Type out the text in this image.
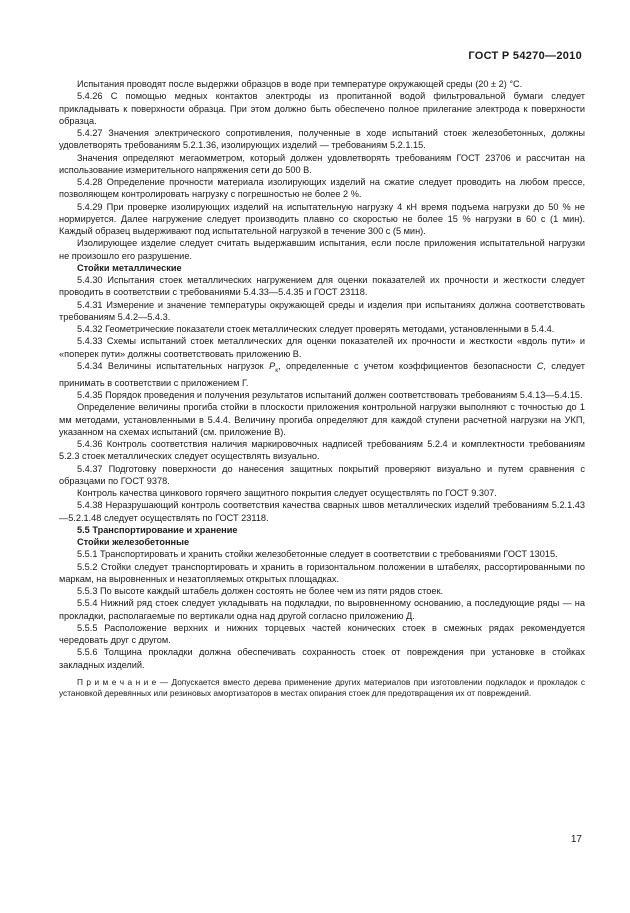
ГОСТ Р 54270—2010

Испытания проводят после выдержки образцов в воде при температуре окружающей среды (20 ± 2) °С.

5.4.26 С помощью медных контактов электроды из пропитанной водой фильтровальной бумаги следует прикладывать к поверхности образца. При этом должно быть обеспечено полное прилегание электрода к поверхности образца.

5.4.27 Значения электрического сопротивления, полученные в ходе испытаний стоек железобетонных, должны удовлетворять требованиям 5.2.1.36, изолирующих изделий — требованиям 5.2.1.15.

Значения определяют мегаомметром, который должен удовлетворять требованиям ГОСТ 23706 и рассчитан на использование измерительного напряжения сети до 500 В.

5.4.28 Определение прочности материала изолирующих изделий на сжатие следует проводить на любом прессе, позволяющем контролировать нагрузку с погрешностью не более 2 %.

5.4.29 При проверке изолирующих изделий на испытательную нагрузку 4 кН время подъема нагрузки до 50 % не нормируется. Далее нагружение следует производить плавно со скоростью не более 15 % нагрузки в 60 с (1 мин). Каждый образец выдерживают под испытательной нагрузкой в течение 300 с (5 мин).

Изолирующее изделие следует считать выдержавшим испытания, если после приложения испытательной нагрузки не произошло его разрушение.

Стойки металлические

5.4.30 Испытания стоек металлических нагружением для оценки показателей их прочности и жесткости следует проводить в соответствии с требованиями 5.4.33—5.4.35 и ГОСТ 23118.

5.4.31 Измерение и значение температуры окружающей среды и изделия при испытаниях должна соответствовать требованиям 5.4.2—5.4.3.

5.4.32 Геометрические показатели стоек металлических следует проверять методами, установленными в 5.4.4.

5.4.33 Схемы испытаний стоек металлических для оценки показателей их прочности и жесткости «вдоль пути» и «поперек пути» должны соответствовать приложению В.

5.4.34 Величины испытательных нагрузок $P_к$, определенные с учетом коэффициентов безопасности С, следует принимать в соответствии с приложением Г.

5.4.35 Порядок проведения и получения результатов испытаний должен соответствовать требованиям 5.4.13—5.4.15.

Определение величины прогиба стойки в плоскости приложения контрольной нагрузки выполняют с точностью до 1 мм методами, установленными в 5.4.4. Величину прогиба определяют для каждой ступени расчетной нагрузки на УКП, указанном на схемах испытаний (см. приложение В).

5.4.36 Контроль соответствия наличия маркировочных надписей требованиям 5.2.4 и комплектности требованиям 5.2.3 стоек металлических следует осуществлять визуально.

5.4.37 Подготовку поверхности до нанесения защитных покрытий проверяют визуально и путем сравнения с образцами по ГОСТ 9378.

Контроль качества цинкового горячего защитного покрытия следует осуществлять по ГОСТ 9.307.

5.4.38 Неразрушающий контроль соответствия качества сварных швов металлических изделий требованиям 5.2.1.43—5.2.1.48 следует осуществлять по ГОСТ 23118.

5.5 Транспортирование и хранение

Стойки железобетонные

5.5.1 Транспортировать и хранить стойки железобетонные следует в соответствии с требованиями ГОСТ 13015.

5.5.2 Стойки следует транспортировать и хранить в горизонтальном положении в штабелях, рассортированными по маркам, на выровненных и незатопляемых открытых площадках.

5.5.3 По высоте каждый штабель должен состоять не более чем из пяти рядов стоек.

5.5.4 Нижний ряд стоек следует укладывать на подкладки, по выровненному основанию, а последующие ряды — на прокладки, располагаемые по вертикали одна над другой согласно приложению Д.

5.5.5 Расположение верхних и нижних торцевых частей конических стоек в смежных рядах рекомендуется чередовать друг с другом.

5.5.6 Толщина прокладки должна обеспечивать сохранность стоек от повреждения при установке в стойках закладных изделий.

П р и м е ч а н и е — Допускается вместо дерева применение других материалов при изготовлении подкладок и прокладок с установкой деревянных или резиновых амортизаторов в местах опирания стоек для предотвращения их от повреждений.

17
